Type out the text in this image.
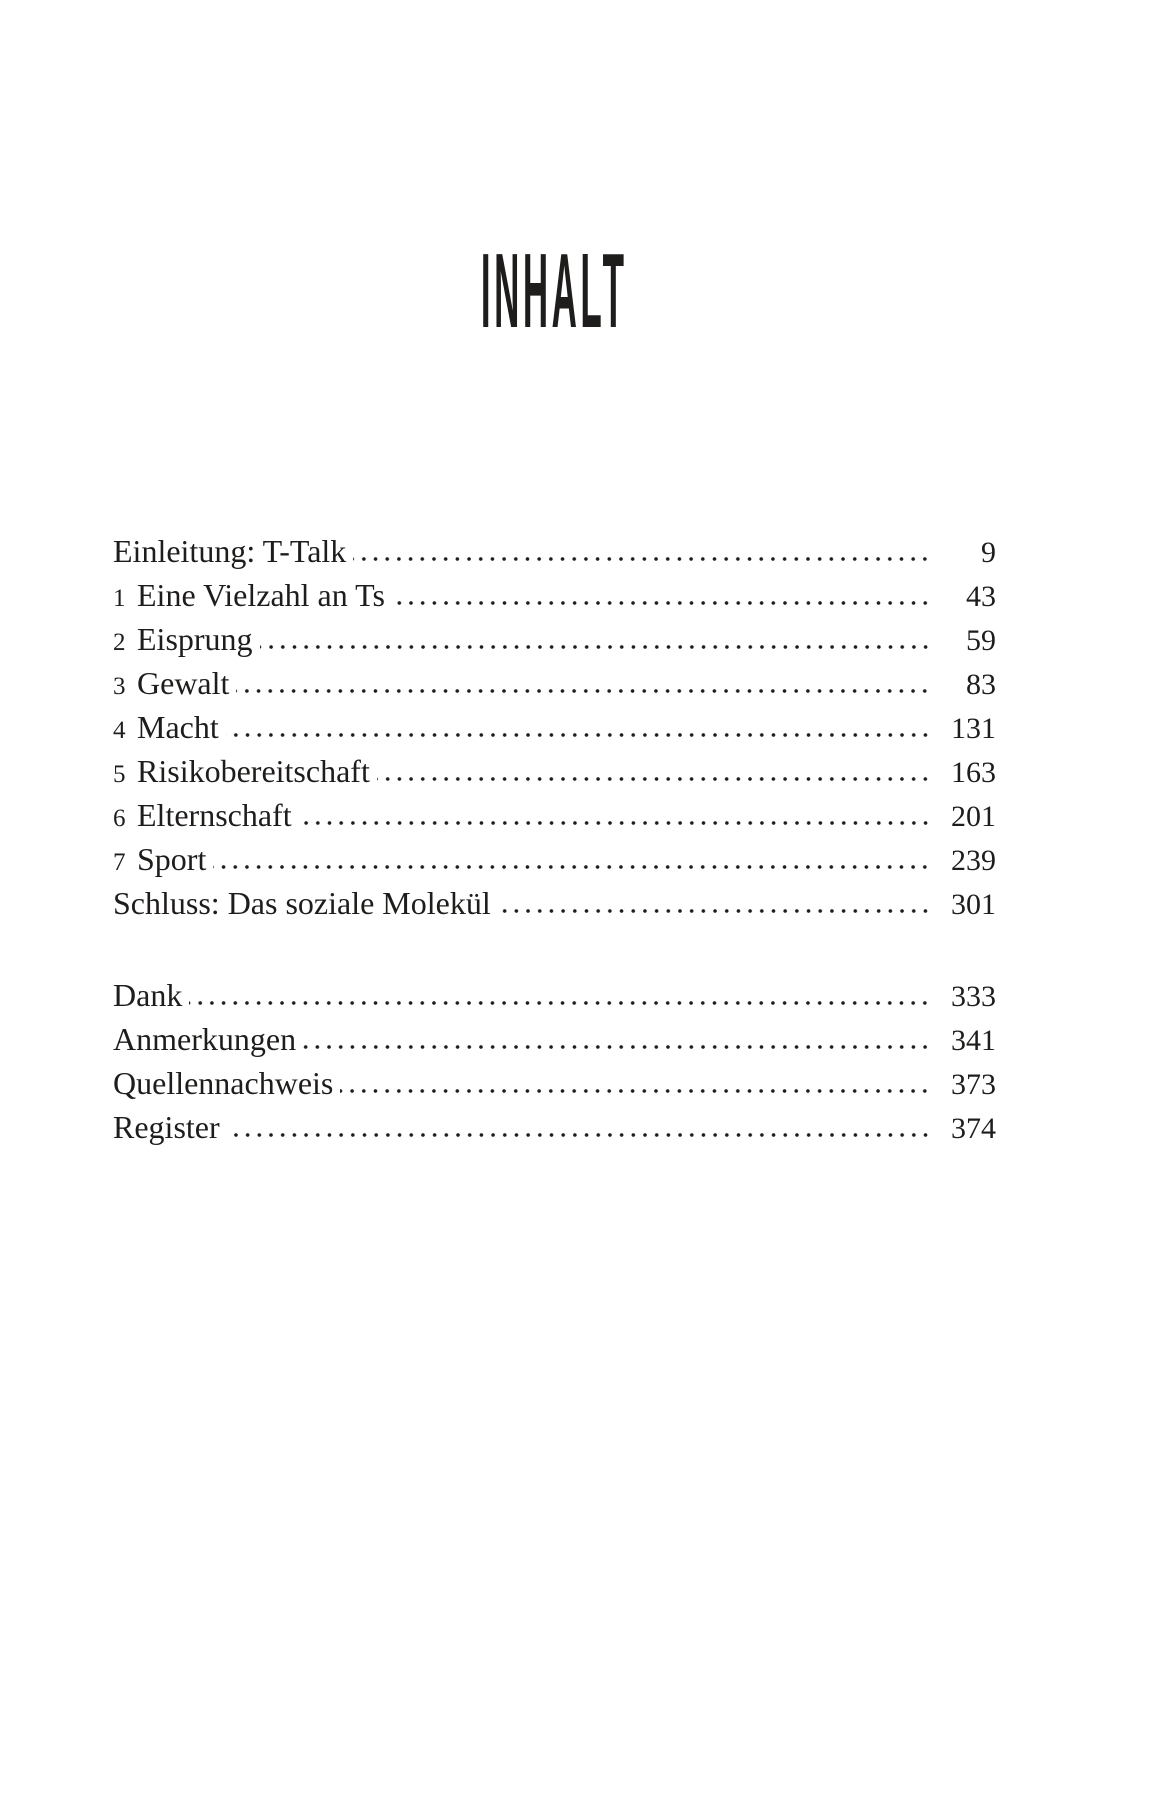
INHALT
Einleitung: T-Talk	9
1 Eine Vielzahl an Ts	43
2 Eisprung	59
3 Gewalt	83
4 Macht	131
5 Risikobereitschaft	163
6 Elternschaft	201
7 Sport	239
Schluss: Das soziale Molekül	301
Dank	333
Anmerkungen	341
Quellennachweis	373
Register	374
